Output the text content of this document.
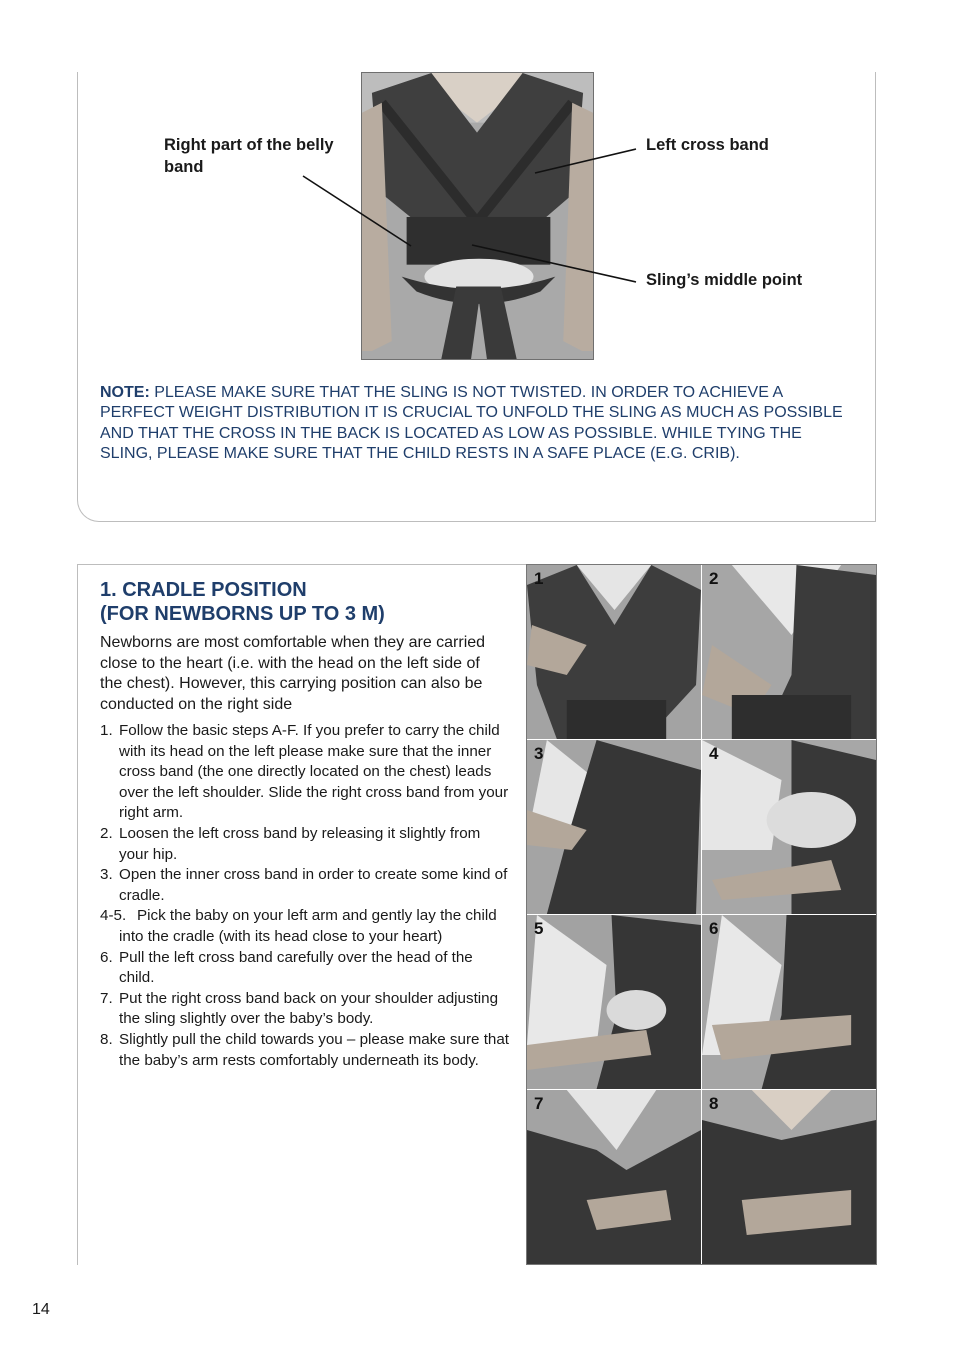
Right part of the belly band
Left cross band
Sling’s middle point
NOTE: PLEASE MAKE SURE THAT THE SLING IS NOT TWISTED. IN ORDER TO ACHIEVE A PERFECT WEIGHT DISTRIBUTION IT IS CRUCIAL TO UNFOLD THE SLING AS MUCH AS POSSIBLE AND THAT THE CROSS IN THE BACK IS LOCATED AS LOW AS POSSIBLE. WHILE TYING THE SLING, PLEASE MAKE SURE THAT THE CHILD RESTS IN A SAFE PLACE (E.G. CRIB).
1. CRADLE POSITION
(FOR NEWBORNS UP TO 3 M)
Newborns are most comfortable when they are carried close to the heart (i.e. with the head on the left side of the chest). However, this carrying position can also be conducted on the right side
1. Follow the basic steps A-F. If you prefer to carry the child with its head on the left please make sure that the inner cross band (the one directly located on the chest) leads over the left shoulder. Slide the right cross band from your right arm.
2. Loosen the left cross band by releasing it slightly from your hip.
3. Open the inner cross band in order to create some kind of cradle.
4-5. Pick the baby on your left arm and gently lay the child into the cradle (with its head close to your heart)
6. Pull the left cross band carefully over the head of the child.
7. Put the right cross band back on your shoulder adjusting the sling slightly over the baby’s body.
8. Slightly pull the child towards you – please make sure that the baby’s arm rests comfortably underneath its body.
1	2
3	4
5	6
7	8
14
